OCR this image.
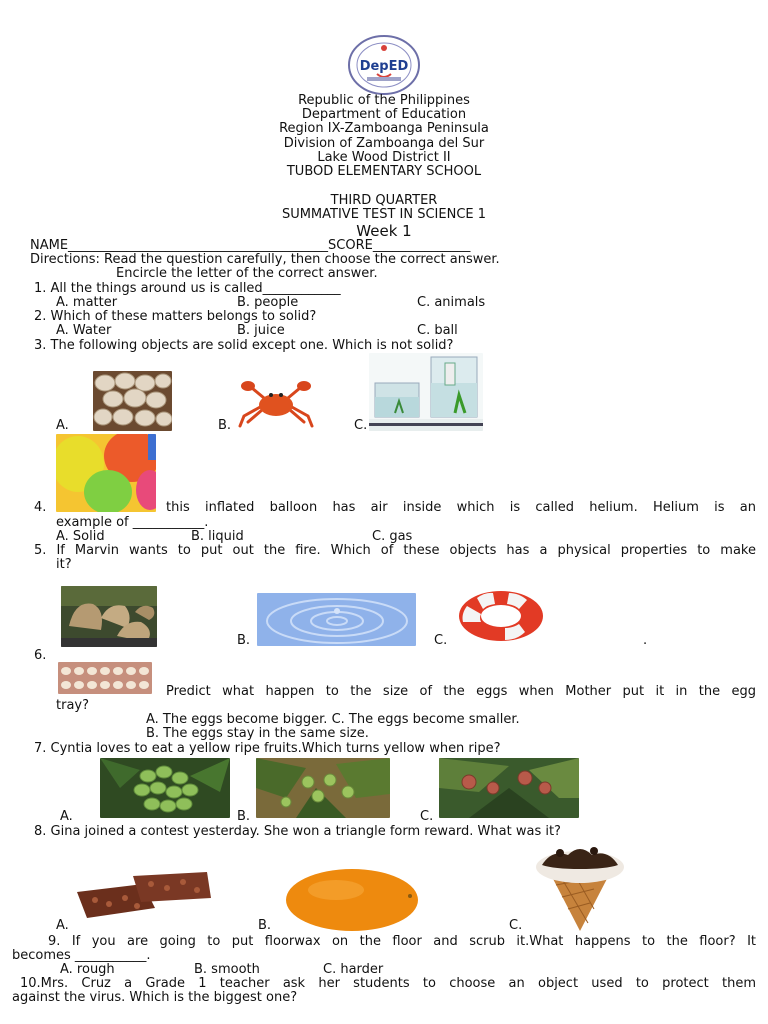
DepED
Republic of the Philippines
Department of Education
Region IX-Zamboanga Peninsula
Division of Zamboanga del Sur
Lake Wood District II
TUBOD ELEMENTARY SCHOOL
THIRD QUARTER
SUMMATIVE TEST IN SCIENCE 1
Week 1
NAME________________________________________SCORE_______________
Directions: Read the question carefully, then choose the correct answer.
Encircle the letter of the correct answer.
1. All the things around us is called____________
A. matter	B. people	C. animals
2. Which of these matters belongs to solid?
A. Water	B. juice	C. ball
3. The following objects are solid except one. Which is not solid?
A.	B.	C.
4.	this inflated balloon has air inside which is called helium. Helium is an
example of ___________.
A. Solid	B. liquid	C. gas
5. If Marvin wants to put out the fire. Which of these objects has a physical properties to make
it?
B.	C.	.
6.
Predict what happen to the size of the eggs when Mother put it in the egg
tray?
A. The eggs become bigger. C. The eggs become smaller.
B. The eggs stay in the same size.
7. Cyntia loves to eat a yellow ripe fruits.Which turns yellow when ripe?
A.	B.	C.
8. Gina joined a contest yesterday. She won a triangle form reward. What was it?
A.	B.	C.
9. If you are going to put floorwax on the floor and scrub it.What happens to the floor? It
becomes ___________.
A. rough	B. smooth	C. harder
10.Mrs. Cruz a Grade 1 teacher ask her students to choose an object used to protect them
against the virus. Which is the biggest one?
